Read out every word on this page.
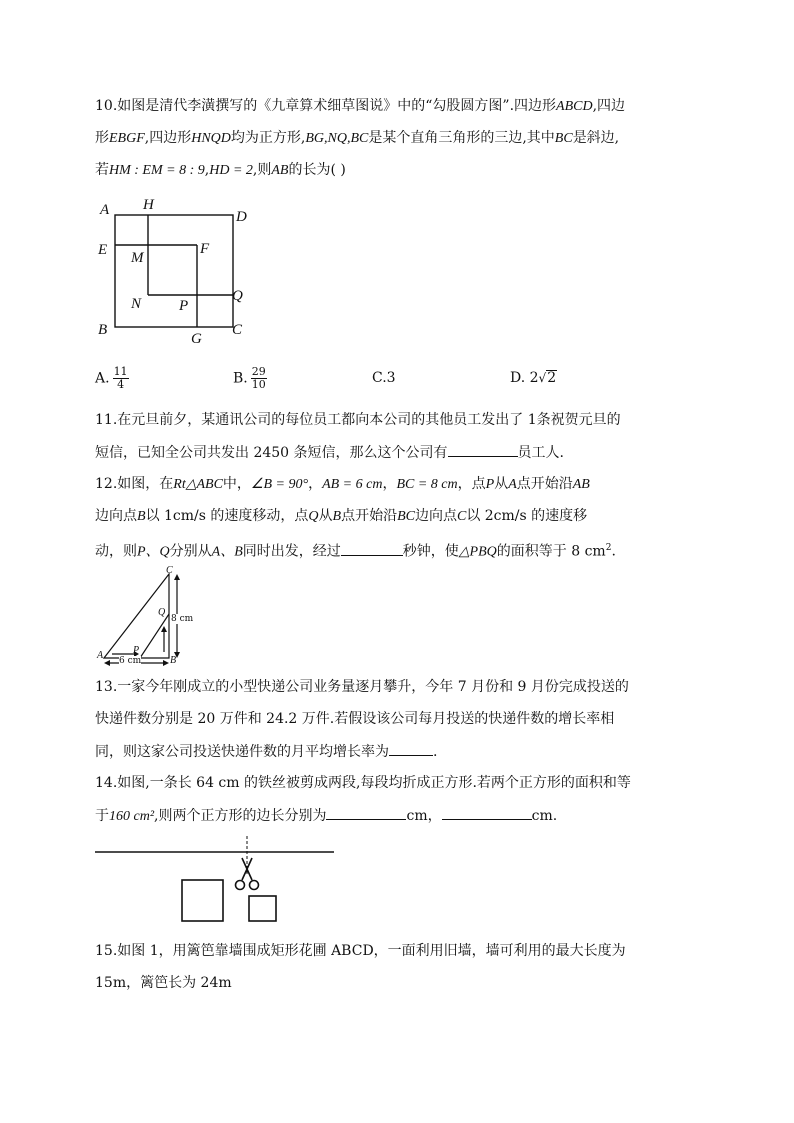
10.如图是清代李潢撰写的《九章算术细草图说》中的“勾股圆方图”.四边形ABCD,四边
形EBGF,四边形HNQD均为正方形,BG,NQ,BC是某个直角三角形的三边,其中BC是斜边,
若HM : EM = 8 : 9,HD = 2,则AB的长为( )
A H
D
E M
F
N	P
Q
B
G
C
A. $\frac{11}{4}$	B. $\frac{29}{10}$	C.3	D. 2√2
11.在元旦前夕，某通讯公司的每位员工都向本公司的其他员工发出了 1条祝贺元旦的
短信，已知全公司共发出 2450 条短信，那么这个公司有	员工人.
12.如图，在Rt△ABC中，∠B = 90°，AB = 6 cm，BC = 8 cm，点P从A点开始沿AB
边向点B以 1cm/s 的速度移动，点Q从B点开始沿BC边向点C以 2cm/s 的速度移
动，则P、Q分别从A、B同时出发，经过	秒钟，使△PBQ的面积等于 8 $cm^2$.
C
Q
A	P
B
8 cm
6 cm
13.一家今年刚成立的小型快递公司业务量逐月攀升，今年 7 月份和 9 月份完成投送的
快递件数分别是 20 万件和 24.2 万件.若假设该公司每月投送的快递件数的增长率相
同，则这家公司投送快递件数的月平均增长率为	.
14.如图,一条长 64 cm 的铁丝被剪成两段,每段均折成正方形.若两个正方形的面积和等
于160 cm²,则两个正方形的边长分别为	cm，	cm.
15.如图 1，用篱笆靠墙围成矩形花圃 ABCD，一面利用旧墙，墙可利用的最大长度为
15m，篱笆长为 24m
